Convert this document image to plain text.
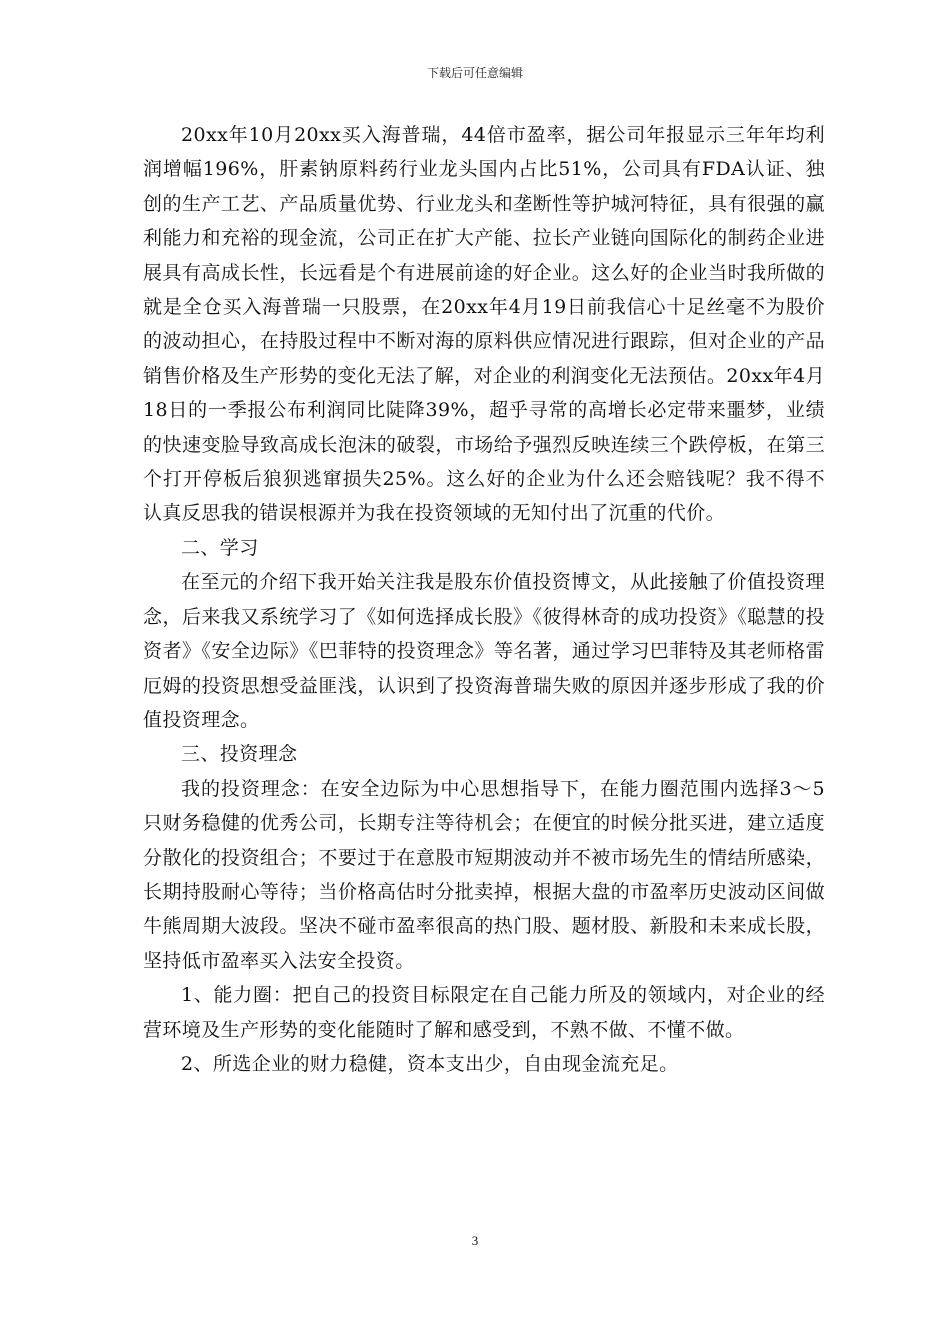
下载后可任意编辑

20xx年10月20xx买入海普瑞，44倍市盈率，据公司年报显示三年年均利润增幅196%，肝素钠原料药行业龙头国内占比51%，公司具有FDA认证、独创的生产工艺、产品质量优势、行业龙头和垄断性等护城河特征，具有很强的赢利能力和充裕的现金流，公司正在扩大产能、拉长产业链向国际化的制药企业进展具有高成长性，长远看是个有进展前途的好企业。这么好的企业当时我所做的就是全仓买入海普瑞一只股票，在20xx年4月19日前我信心十足丝毫不为股价的波动担心，在持股过程中不断对海的原料供应情况进行跟踪，但对企业的产品销售价格及生产形势的变化无法了解，对企业的利润变化无法预估。20xx年4月18日的一季报公布利润同比陡降39%，超乎寻常的高增长必定带来噩梦，业绩的快速变脸导致高成长泡沫的破裂，市场给予强烈反映连续三个跌停板，在第三个打开停板后狼狈逃窜损失25%。这么好的企业为什么还会赔钱呢？我不得不认真反思我的错误根源并为我在投资领域的无知付出了沉重的代价。

二、学习

在至元的介绍下我开始关注我是股东价值投资博文，从此接触了价值投资理念，后来我又系统学习了《如何选择成长股》《彼得林奇的成功投资》《聪慧的投资者》《安全边际》《巴菲特的投资理念》等名著，通过学习巴菲特及其老师格雷厄姆的投资思想受益匪浅，认识到了投资海普瑞失败的原因并逐步形成了我的价值投资理念。

三、投资理念

我的投资理念：在安全边际为中心思想指导下，在能力圈范围内选择3～5只财务稳健的优秀公司，长期专注等待机会；在便宜的时候分批买进，建立适度分散化的投资组合；不要过于在意股市短期波动并不被市场先生的情结所感染，长期持股耐心等待；当价格高估时分批卖掉，根据大盘的市盈率历史波动区间做牛熊周期大波段。坚决不碰市盈率很高的热门股、题材股、新股和未来成长股，坚持低市盈率买入法安全投资。

1、能力圈：把自己的投资目标限定在自己能力所及的领域内，对企业的经营环境及生产形势的变化能随时了解和感受到，不熟不做、不懂不做。

2、所选企业的财力稳健，资本支出少，自由现金流充足。

3
